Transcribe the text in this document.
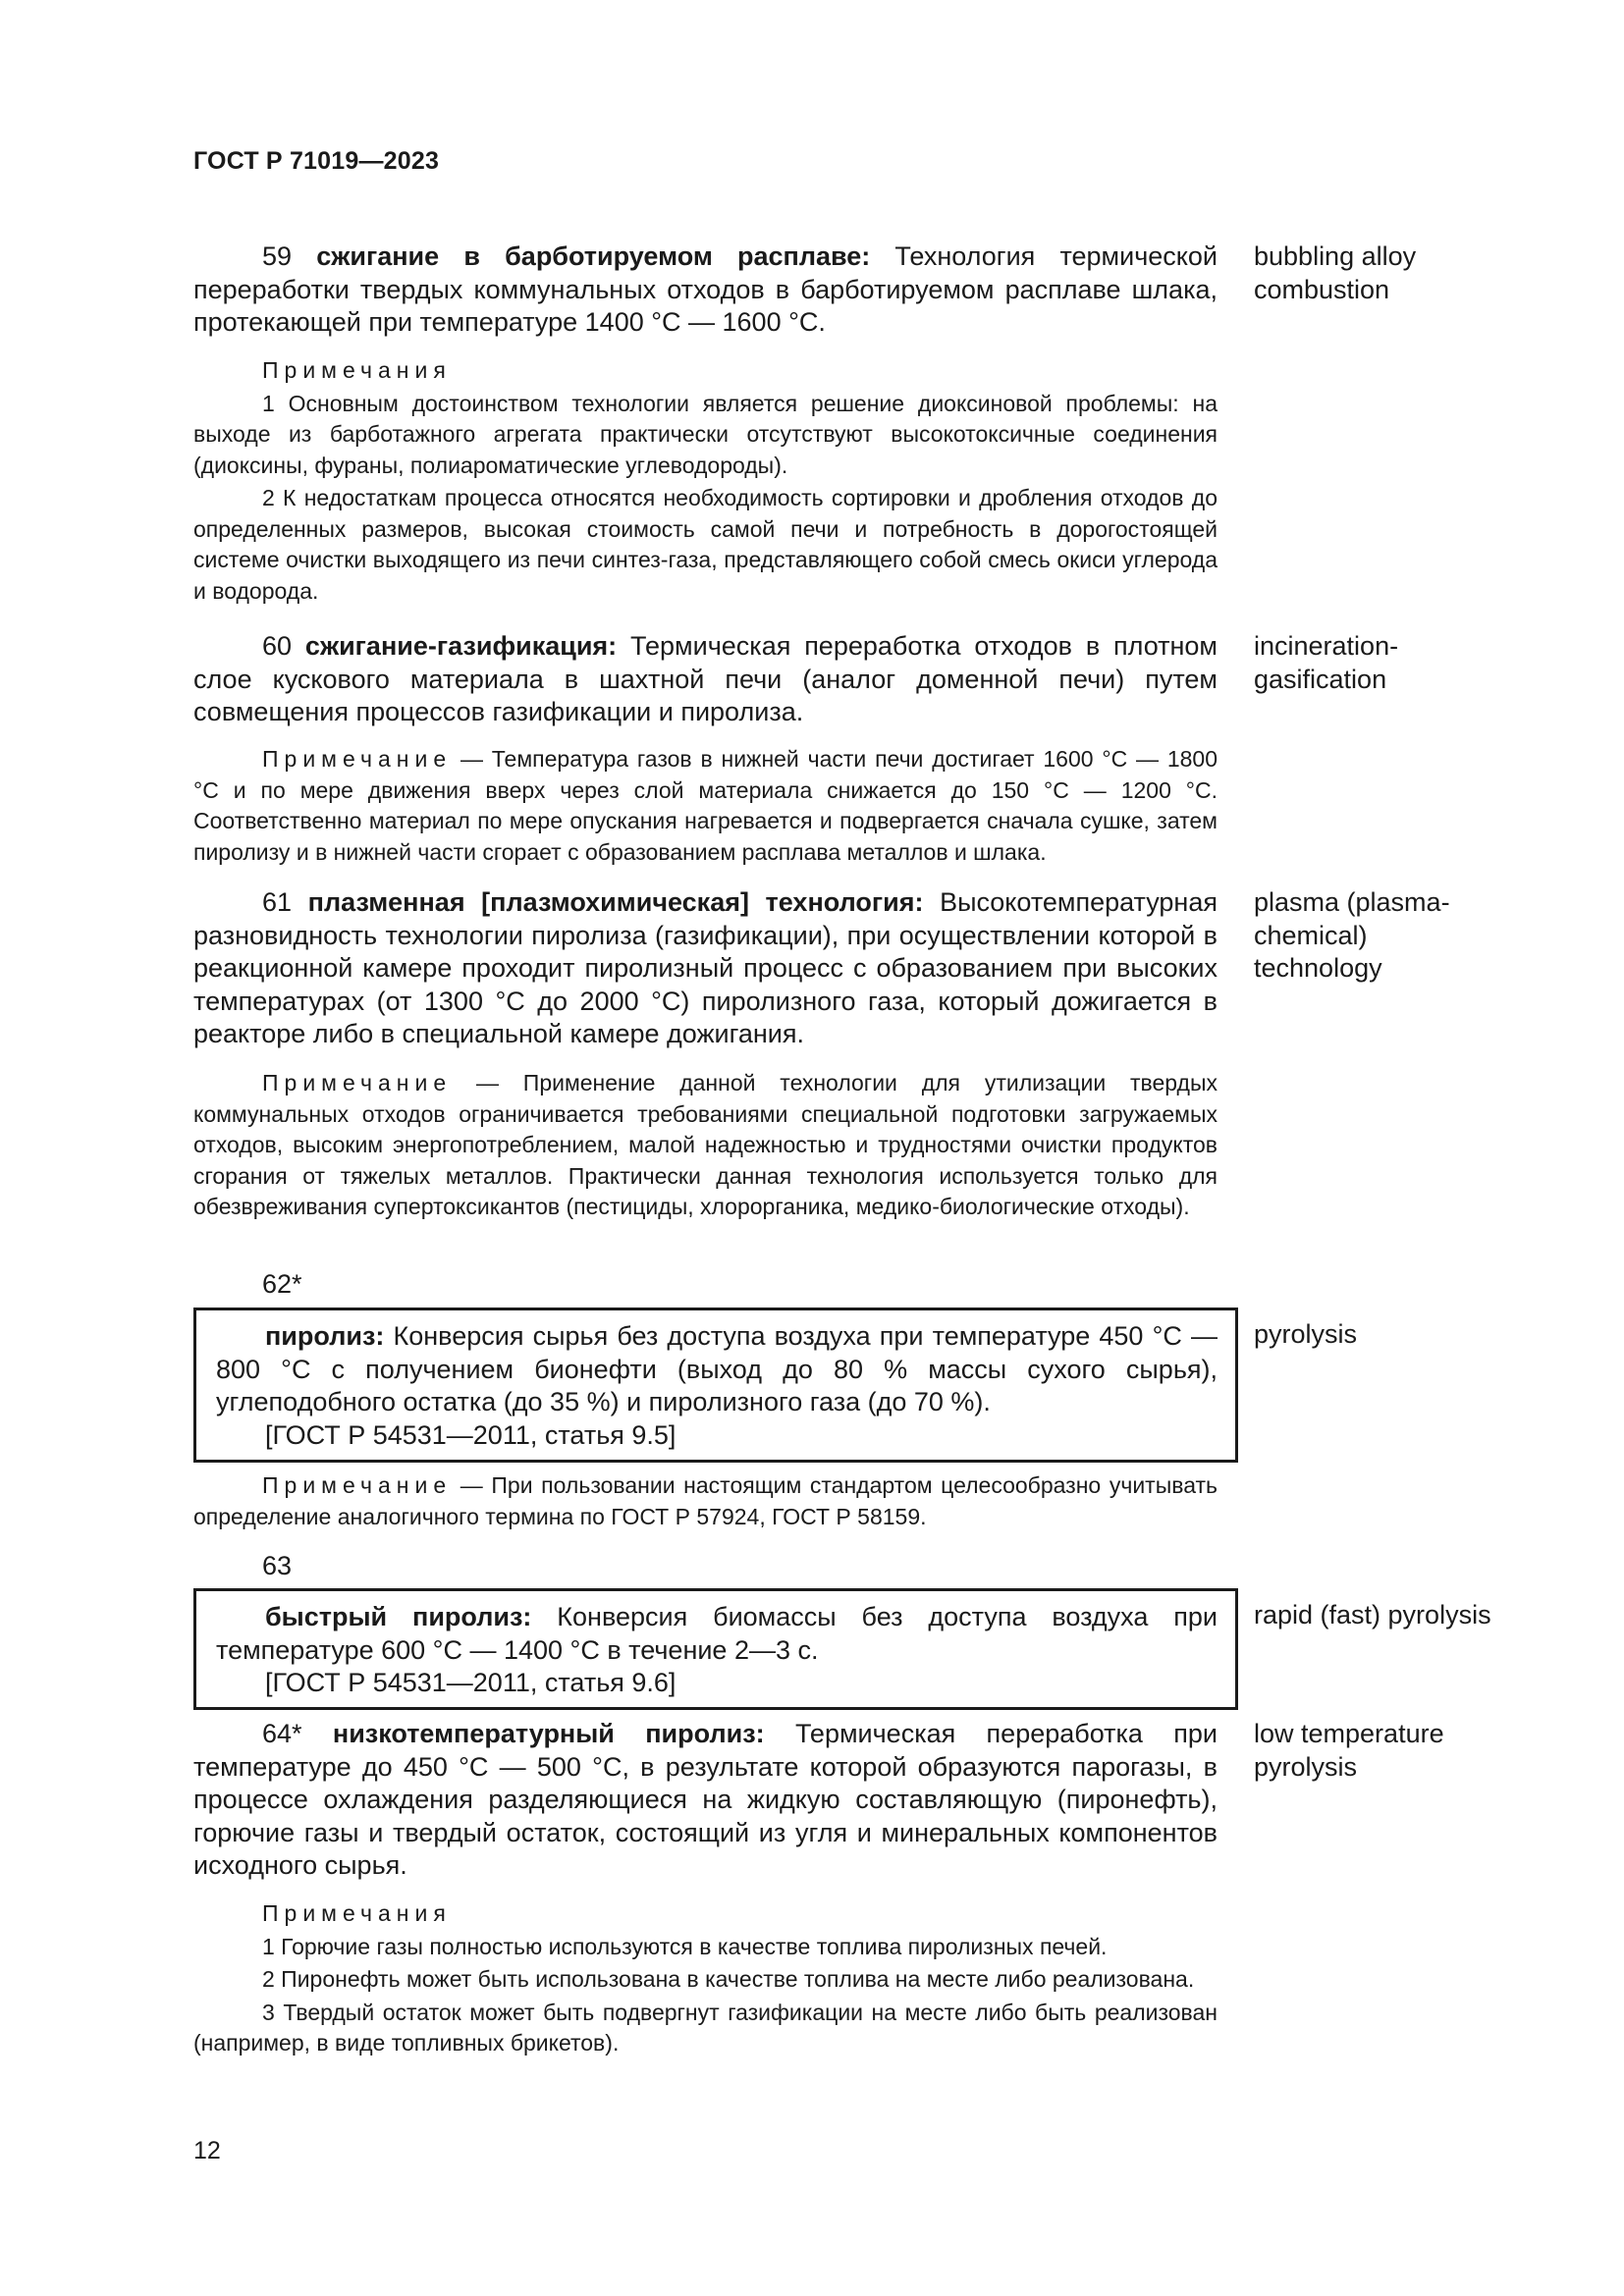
ГОСТ Р 71019—2023
59 сжигание в барботируемом расплаве: Технология термической переработки твердых коммунальных отходов в барботируемом расплаве шлака, протекающей при температуре 1400 °С — 1600 °С.
bubbling alloy combustion

Примечания

1 Основным достоинством технологии является решение диоксиновой проблемы: на выходе из барботажного агрегата практически отсутствуют высокотоксичные соединения (диоксины, фураны, полиароматические углеводороды).

2 К недостаткам процесса относятся необходимость сортировки и дробления отходов до определенных размеров, высокая стоимость самой печи и потребность в дорогостоящей системе очистки выходящего из печи синтез-газа, представляющего собой смесь окиси углерода и водорода.

60 сжигание-газификация: Термическая переработка отходов в плотном слое кускового материала в шахтной печи (аналог доменной печи) путем совмещения процессов газификации и пиролиза.
incineration-gasification

Примечание — Температура газов в нижней части печи достигает 1600 °С — 1800 °С и по мере движения вверх через слой материала снижается до 150 °С — 1200 °С. Соответственно материал по мере опускания нагревается и подвергается сначала сушке, затем пиролизу и в нижней части сгорает с образованием расплава металлов и шлака.

61 плазменная [плазмохимическая] технология: Высокотемпературная разновидность технологии пиролиза (газификации), при осуществлении которой в реакционной камере проходит пиролизный процесс с образованием при высоких температурах (от 1300 °С до 2000 °С) пиролизного газа, который дожигается в реакторе либо в специальной камере дожигания.
plasma (plasma-chemical) technology

Примечание — Применение данной технологии для утилизации твердых коммунальных отходов ограничивается требованиями специальной подготовки загружаемых отходов, высоким энергопотреблением, малой надежностью и трудностями очистки продуктов сгорания от тяжелых металлов. Практически данная технология используется только для обезвреживания супертоксикантов (пестициды, хлорорганика, медико-биологические отходы).

62*

пиролиз: Конверсия сырья без доступа воздуха при температуре 450 °С — 800 °С с получением бионефти (выход до 80 % массы сухого сырья), углеподобного остатка (до 35 %) и пиролизного газа (до 70 %).

[ГОСТ Р 54531—2011, статья 9.5]

pyrolysis

Примечание — При пользовании настоящим стандартом целесообразно учитывать определение аналогичного термина по ГОСТ Р 57924, ГОСТ Р 58159.

63

быстрый пиролиз: Конверсия биомассы без доступа воздуха при температуре 600 °С — 1400 °С в течение 2—3 с.

[ГОСТ Р 54531—2011, статья 9.6]

rapid (fast) pyrolysis
64* низкотемпературный пиролиз: Термическая переработка при температуре до 450 °С — 500 °С, в результате которой образуются парогазы, в процессе охлаждения разделяющиеся на жидкую составляющую (пиронефть), горючие газы и твердый остаток, состоящий из угля и минеральных компонентов исходного сырья.
low temperature pyrolysis

Примечания

1 Горючие газы полностью используются в качестве топлива пиролизных печей.

2 Пиронефть может быть использована в качестве топлива на месте либо реализована.

3 Твердый остаток может быть подвергнут газификации на месте либо быть реализован (например, в виде топливных брикетов).

12
